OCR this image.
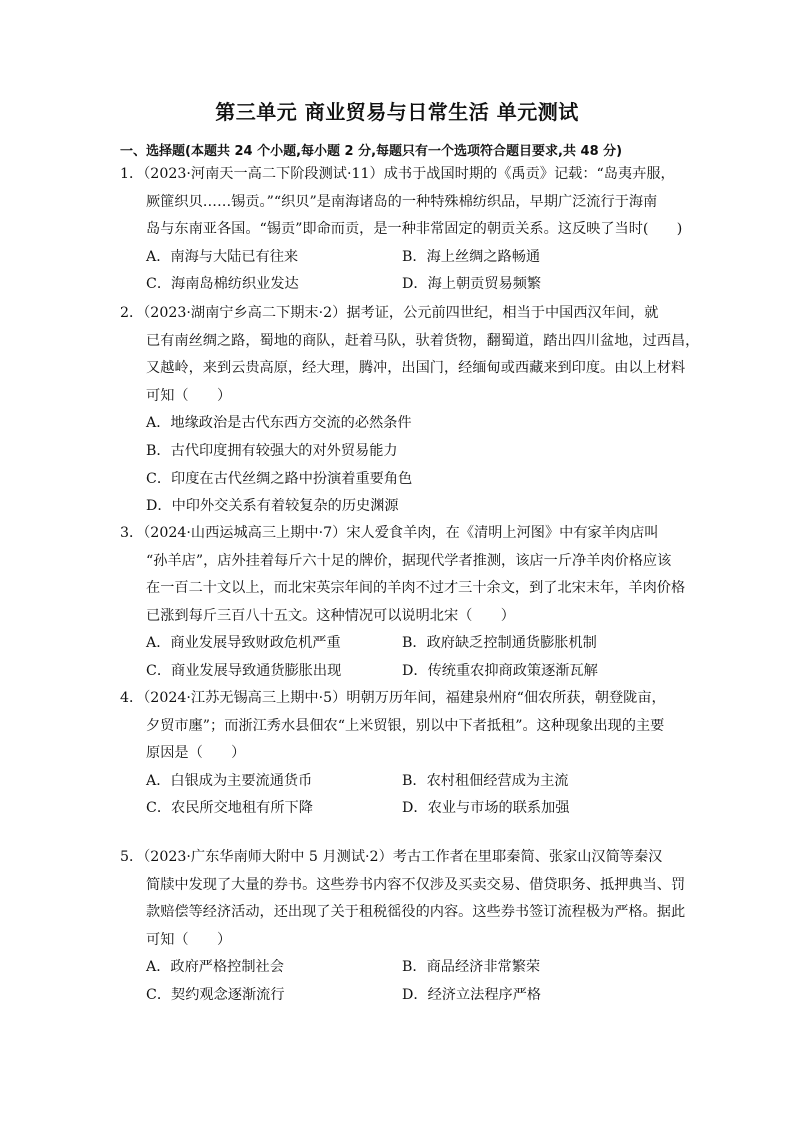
第三单元 商业贸易与日常生活 单元测试
一、选择题(本题共 24 个小题,每小题 2 分,每题只有一个选项符合题目要求,共 48 分)
1．（2023·河南天一高二下阶段测试·11）成书于战国时期的《禹贡》记载：“岛夷卉服，
厥篚织贝……锡贡。”“织贝”是南海诸岛的一种特殊棉纺织品，早期广泛流行于海南
岛与东南亚各国。“锡贡”即命而贡，是一种非常固定的朝贡关系。这反映了当时(　　)
A．南海与大陆已有往来	B．海上丝绸之路畅通
C．海南岛棉纺织业发达	D．海上朝贡贸易频繁
2．（2023·湖南宁乡高二下期末·2）据考证，公元前四世纪，相当于中国西汉年间，就
已有南丝绸之路，蜀地的商队，赶着马队，驮着货物，翻蜀道，踏出四川盆地，过西昌，
又越岭，来到云贵高原，经大理，腾冲，出国门，经缅甸或西藏来到印度。由以上材料
可知（　　）
A．地缘政治是古代东西方交流的必然条件
B．古代印度拥有较强大的对外贸易能力
C．印度在古代丝绸之路中扮演着重要角色
D．中印外交关系有着较复杂的历史渊源
3．（2024·山西运城高三上期中·7）宋人爱食羊肉，在《清明上河图》中有家羊肉店叫
“孙羊店”，店外挂着每斤六十足的牌价，据现代学者推测，该店一斤净羊肉价格应该
在一百二十文以上，而北宋英宗年间的羊肉不过才三十余文，到了北宋末年，羊肉价格
已涨到每斤三百八十五文。这种情况可以说明北宋（　　）
A．商业发展导致财政危机严重	B．政府缺乏控制通货膨胀机制
C．商业发展导致通货膨胀出现	D．传统重农抑商政策逐渐瓦解
4．（2024·江苏无锡高三上期中·5）明朝万历年间，福建泉州府“佃农所获，朝登陇亩，
夕贸市廛”；而浙江秀水县佃农“上米贸银，别以中下者抵租”。这种现象出现的主要
原因是（　　）
A．白银成为主要流通货币	B．农村租佃经营成为主流
C．农民所交地租有所下降	D．农业与市场的联系加强
5．（2023·广东华南师大附中 5 月测试·2）考古工作者在里耶秦简、张家山汉简等秦汉
简牍中发现了大量的券书。这些券书内容不仅涉及买卖交易、借贷职务、抵押典当、罚
款赔偿等经济活动，还出现了关于租税徭役的内容。这些券书签订流程极为严格。据此
可知（　　）
A．政府严格控制社会	B．商品经济非常繁荣
C．契约观念逐渐流行	D．经济立法程序严格
